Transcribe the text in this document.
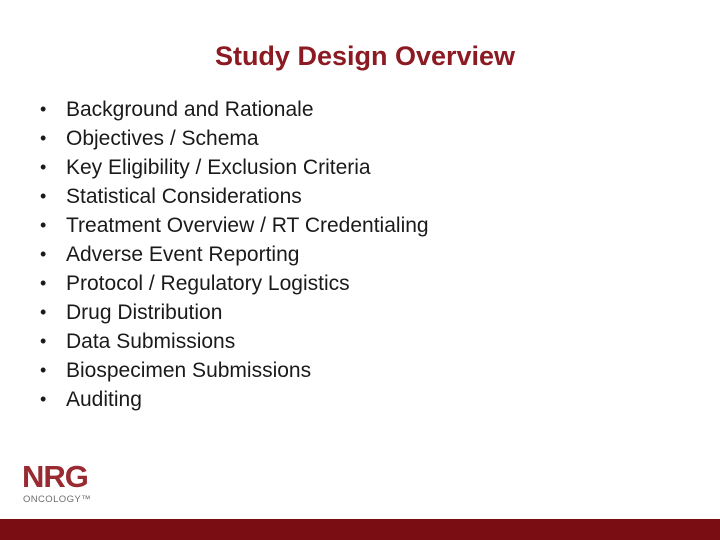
Study Design Overview
• Background and Rationale
• Objectives / Schema
• Key Eligibility / Exclusion Criteria
• Statistical Considerations
• Treatment Overview / RT Credentialing
• Adverse Event Reporting
• Protocol / Regulatory Logistics
• Drug Distribution
• Data Submissions
• Biospecimen Submissions
• Auditing
NRG
ONCOLOGY™
